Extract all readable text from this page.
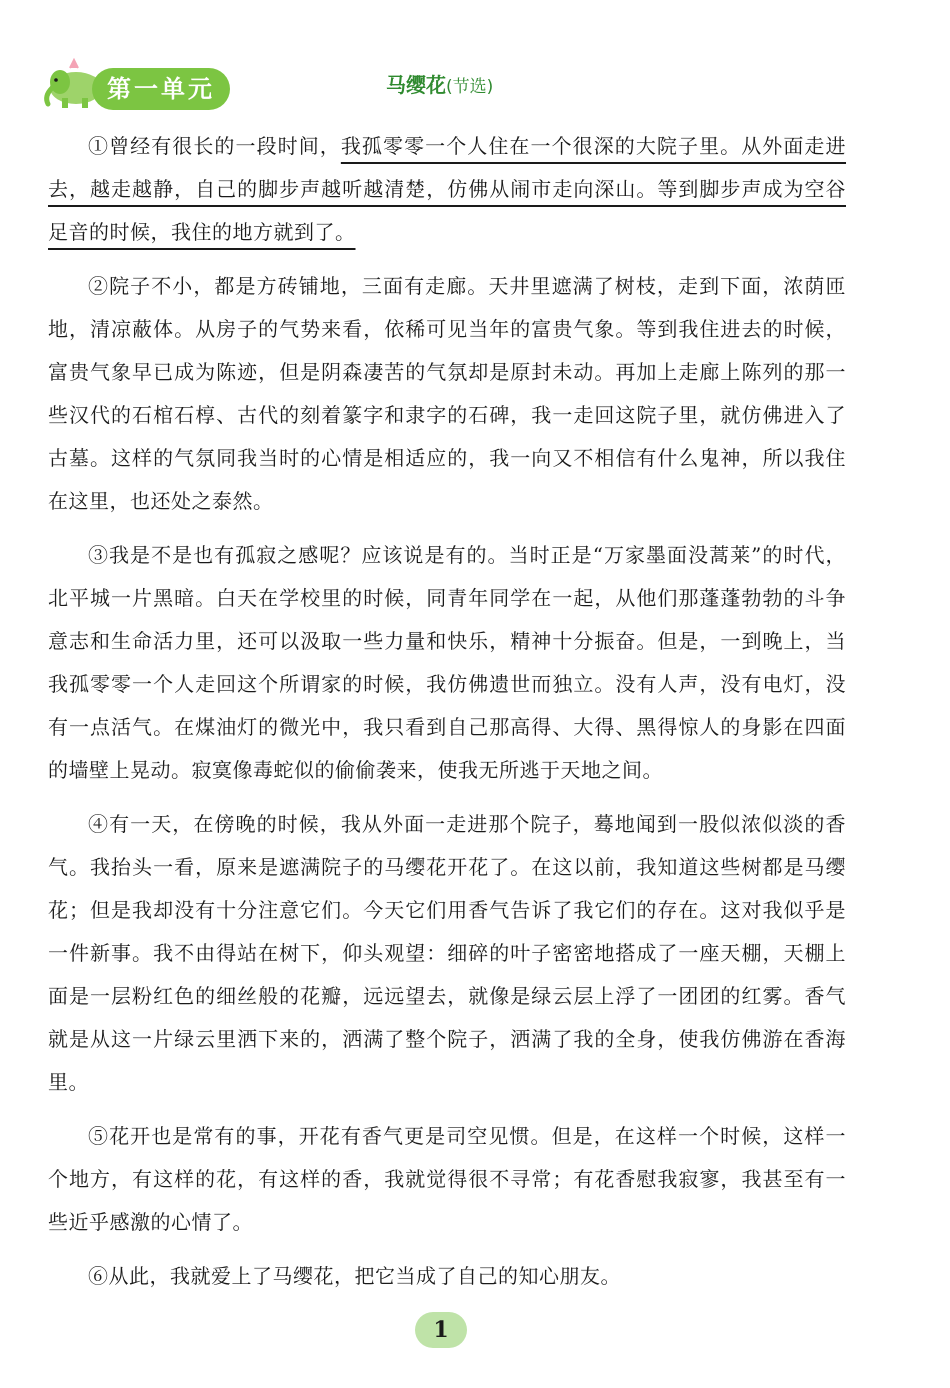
第一单元	马缨花(节选)

①曾经有很长的一段时间，我孤零零一个人住在一个很深的大院子里。从外面走进去，越走越静，自己的脚步声越听越清楚，仿佛从闹市走向深山。等到脚步声成为空谷足音的时候，我住的地方就到了。

②院子不小，都是方砖铺地，三面有走廊。天井里遮满了树枝，走到下面，浓荫匝地，清凉蔽体。从房子的气势来看，依稀可见当年的富贵气象。等到我住进去的时候，富贵气象早已成为陈迹，但是阴森凄苦的气氛却是原封未动。再加上走廊上陈列的那一些汉代的石棺石椁、古代的刻着篆字和隶字的石碑，我一走回这院子里，就仿佛进入了古墓。这样的气氛同我当时的心情是相适应的，我一向又不相信有什么鬼神，所以我住在这里，也还处之泰然。

③我是不是也有孤寂之感呢？应该说是有的。当时正是“万家墨面没蒿莱”的时代，北平城一片黑暗。白天在学校里的时候，同青年同学在一起，从他们那蓬蓬勃勃的斗争意志和生命活力里，还可以汲取一些力量和快乐，精神十分振奋。但是，一到晚上，当我孤零零一个人走回这个所谓家的时候，我仿佛遗世而独立。没有人声，没有电灯，没有一点活气。在煤油灯的微光中，我只看到自己那高得、大得、黑得惊人的身影在四面的墙壁上晃动。寂寞像毒蛇似的偷偷袭来，使我无所逃于天地之间。

④有一天，在傍晚的时候，我从外面一走进那个院子，蓦地闻到一股似浓似淡的香气。我抬头一看，原来是遮满院子的马缨花开花了。在这以前，我知道这些树都是马缨花；但是我却没有十分注意它们。今天它们用香气告诉了我它们的存在。这对我似乎是一件新事。我不由得站在树下，仰头观望：细碎的叶子密密地搭成了一座天棚，天棚上面是一层粉红色的细丝般的花瓣，远远望去，就像是绿云层上浮了一团团的红雾。香气就是从这一片绿云里洒下来的，洒满了整个院子，洒满了我的全身，使我仿佛游在香海里。

⑤花开也是常有的事，开花有香气更是司空见惯。但是，在这样一个时候，这样一个地方，有这样的花，有这样的香，我就觉得很不寻常；有花香慰我寂寥，我甚至有一些近乎感激的心情了。

⑥从此，我就爱上了马缨花，把它当成了自己的知心朋友。

1
